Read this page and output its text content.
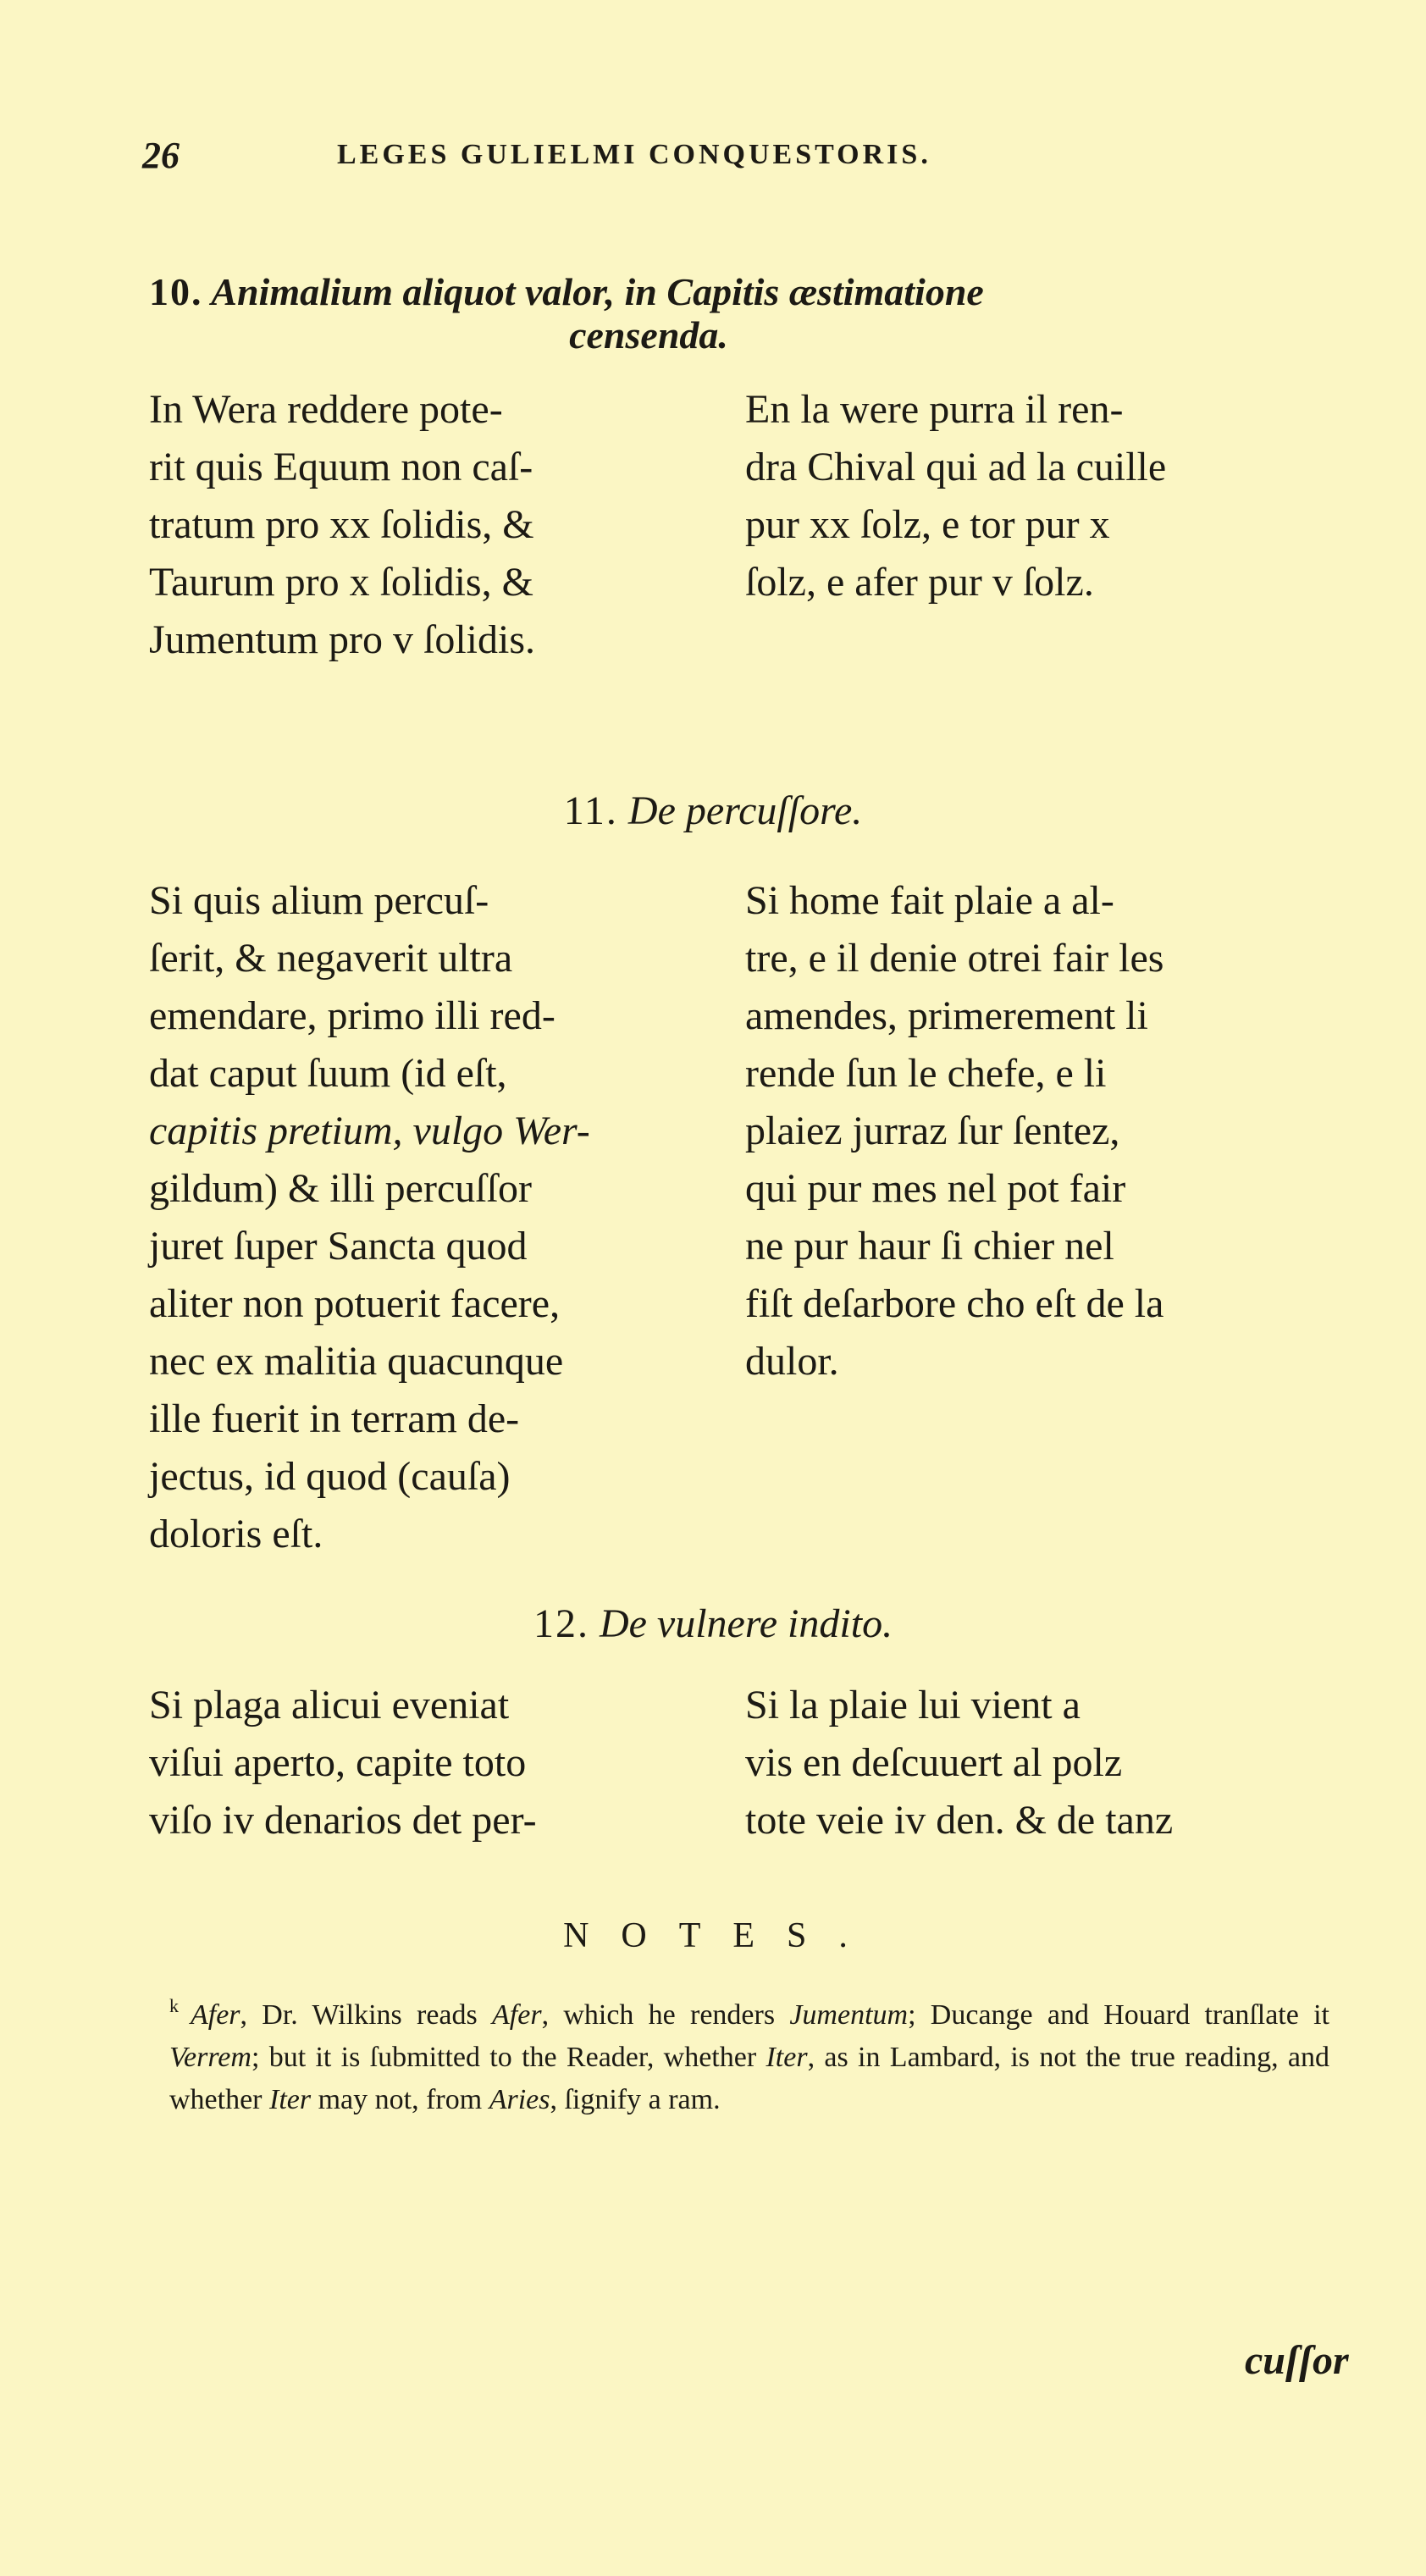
26	LEGES GULIELMI CONQUESTORIS.
10. Animalium aliquot valor, in Capitis æstimatione
censenda.
In Wera reddere pote-
rit quis Equum non caſ-
tratum pro xx ſolidis, &
Taurum pro x ſolidis, &
Jumentum pro v ſolidis.
En la were purra il ren-
dra Chival qui ad la cuille
pur xx ſolz, e tor pur x
ſolz, e afer pur v ſolz.
11. De percuſſore.
Si quis alium percuſ-
ſerit, & negaverit ultra
emendare, primo illi red-
dat caput ſuum (id eſt,
capitis pretium, vulgo Wer-
gildum) & illi percuſſor
juret ſuper Sancta quod
aliter non potuerit facere,
nec ex malitia quacunque
ille fuerit in terram de-
jectus, id quod (cauſa)
doloris eſt.
Si home fait plaie a al-
tre, e il denie otrei fair les
amendes, primerement li
rende ſun le chefe, e li
plaiez jurraz ſur ſentez,
qui pur mes nel pot fair
ne pur haur ſi chier nel
fiſt deſarbore cho eſt de la
dulor.
12. De vulnere indito.
Si plaga alicui eveniat
viſui aperto, capite toto
viſo iv denarios det per-
Si la plaie lui vient a
vis en deſcuuert al polz
tote veie iv den. & de tanz
NOTES.
$^k$ Afer, Dr. Wilkins reads Afer, which he renders Jumentum; Ducange and Houard tranſlate it Verrem; but it is ſubmitted to the Reader, whether Iter, as in Lambard, is not the true reading, and whether Iter may not, from Aries, ſignify a ram.
cuſſor
